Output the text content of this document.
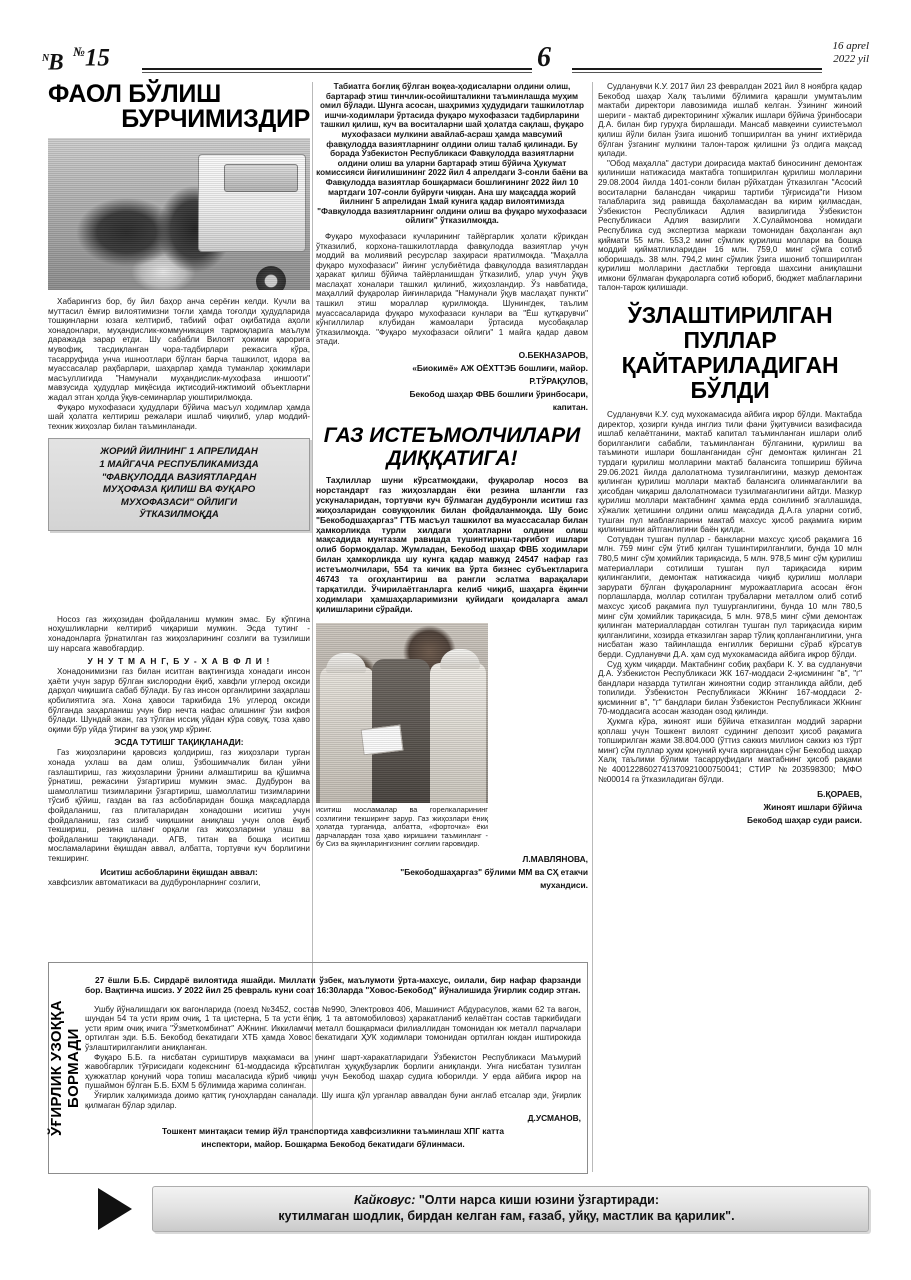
$^N$B №15	6	16 aprel
2022 yil
ФАОЛ БЎЛИШ
БУРЧИМИЗДИР

Хабарингиз бор, бу йил баҳор анча серёғин келди. Кучли ва муттасил ёмғир вилоятимизни тоғли ҳамда тоғолди ҳудудларида тошқинларни юзага келтириб, табиий офат оқибатида аҳоли хонадонлари, муҳандислик-коммуникация тармоқларига маълум даражада зарар етди. Шу сабабли Вилоят ҳокими қарорига мувофиқ, тасдиқланган чора-тадбирлари режасига кўра, тасарруфида унча ишноотлари бўлган барча ташкилот, идора ва муассасалар раҳбарлари, шаҳарлар ҳамда туманлар ҳокимлари масъуллигида "Намунали муҳандислик-мухофаза иншооти" мавзусида ҳудудлар миқёсида иқтисодий-ижтимоий объектларни жадал этган ҳолда ўқув-семинарлар уюштирилмоқда.

Фуқаро мухофазаси ҳудудлари бўйича масъул ходимлар ҳамда шай ҳолатга келтириш режалари ишлаб чиқилиб, улар моддий-техник жиҳозлар билан таъминланади.

ЖОРИЙ ЙИЛНИНГ 1 АПРЕЛИДАН

1 МАЙГАЧА РЕСПУБЛИКАМИЗДА

"ФАВҚУЛОДДА ВАЗИЯТЛАРДАН

МУҲОФАЗА ҚИЛИШ ВА ФУҚАРО

МУХОФАЗАСИ" ОЙЛИГИ

ЎТКАЗИЛМОҚДА

Носоз газ жиҳозидан фойдаланиш мумкин эмас. Бу кўпгина ноҳушликларни келтириб чиқариши мумкин. Эсда тутинг - хонадонларга ўрнатилган газ жиҳозларининг созлиги ва тузилиши шу нарсага жавобгардир.

У Н У Т М А Н Г, Б У - Х А В Ф Л И !

Хонадонимизни газ билан иситган вақтингизда хонадаги инсон ҳаёти учун зарур бўлган кислородни ёқиб, хавфли углерод оксиди дарҳол чиқишига сабаб бўлади. Бу газ инсон органлирини заҳарлаш қобилиятига эга. Хона ҳавоси таркибида 1% углерод оксиди бўлганда заҳарланиш учун бир нечта нафас олишнинг ўзи кифоя бўлади. Шундай экан, газ тўлган иссиқ уйдан кўра совуқ, тоза ҳаво оқими бўр уйда ўтиринг ва узоқ умр кўринг.

ЭСДА ТУТИШГ ТАҚИҚЛАНАДИ:

Газ жиҳозларини қаровсиз қолдириш, газ жиҳозлари турган хонада ухлаш ва дам олиш, ўзбошимчалик билан уйни газлаштириш, газ жиҳозларини ўрнини алмаштириш ва қўшимча ўрнатиш, режасини ўзгартириш мумкин эмас. Дудбурон ва шамоллатиш тизимларини ўзгартириш, шамоллатиш тизимларини тўсиб қўйиш, газдан ва газ асбобларидан бошқа мақсадларда фойдаланиш, газ плиталаридан хонадошни иситиш учун фойдаланиш, газ сизиб чиқишини аниқлаш учун олов ёқиб текшириш, резина шланг орқали газ жиҳозларини улаш ва фойдаланиш тақиқланади. АГВ, титан ва бошқа иситиш мосламаларини ёқишдан аввал, албатта, тортувчи куч борлигини текширинг.

Иситиш асбобларини ёқишдан аввал:

хавфсизлик автоматикаси ва дудбуронларнинг созлиги,

Табиатга боғлиқ бўлган воқеа-ҳодисаларни олдини олиш, бартараф этиш тинчлик-осойишталикни таъминлашда муҳим омил бўлади. Шунга асосан, шаҳримиз ҳудудидаги ташкилотлар ишчи-ходимлари ўртасида фуқаро мухофазаси тадбирларини ташкил қилиш, куч ва воситаларни шай ҳолатда сақлаш, фуқаро мухофазаси мулкини авайлаб-асраш ҳамда мавсумий фавқулодда вазиятларнинг олдини олиш талаб қилинади. Бу борада Ўзбекистон Республикаси Фавқулодда вазиятларни олдини олиш ва уларни бартараф этиш бўйича Ҳукумат комиссияси йиғилишининг 2022 йил 4 апрелдаги 3-сонли баёни ва Фавқулодда вазиятлар бошқармаси бошлиғининг 2022 йил 10 мартдаги 107-сонли буйруғи чиққан. Ана шу мақсадда жорий йилнинг 5 апрелидан 1май кунига қадар вилоятимизда "Фавқулодда вазиятларнинг олдини олиш ва фуқаро мухофазаси ойлиги" ўтказилмоқда.

Фуқаро мухофазаси кучларининг тайёргарлик ҳолати кўрикдан ўтказилиб, корхона-ташкилотларда фавқулодда вазиятлар учун моддий ва молиявий ресурслар заҳираси яратилмоқда. "Маҳалла фуқаро мухофазаси" йиғинг услубиётида фавқулодда вазиятлардан ҳаракат қилиш бўйича тайёрланишдан ўтказилиб, улар учун ўқув маслаҳат хоналари ташкил қилиниб, жиҳозландир. Ўз навбатида, маҳаллий фуқаролар йиғинларида "Намунали ўқув маслаҳат пункти" ташкил этиш мораллар қурилмоқда. Шунингдек, таълим муассасаларида фуқаро мухофазаси кунлари ва "Ёш қутқарувчи" кўнгиллилар клубидан жамоалари ўртасида мусобақалар ўтказилмоқда. "Фуқаро мухофазаси ойлиги" 1 майга қадар давом этади.

О.БЕКНАЗАРОВ,
«Биокимё» АЖ ОЁХТТЭБ бошлиғи, майор.
Р.ТЎРАҚУЛОВ,
Бекобод шаҳар ФВБ бошлиғи ўринбосари,
капитан.
ГАЗ ИСТЕЪМОЛЧИЛАРИ
ДИҚҚАТИГА!

Таҳлиллар шуни кўрсатмоқдаки, фуқаролар носоз ва норстандарт газ жиҳозлардан ёки резина шлангли газ ускуналаридан, тортувчи куч бўлмаган дудбуронли иситиш газ жиҳозларидан совуққонлик билан фойдаланмоқда. Шу боис "Бекободшаҳаргаз" ГТБ масъул ташкилот ва муассасалар билан ҳамкорликда турли хилдаги ҳолатларни олдини олиш мақсадида мунтазам равишда тушинтириш-тарғибот ишлари олиб бормоқдалар. Жумладан, Бекобод шаҳар ФВБ ходимлари билан ҳамкорликда шу кунга қадар мавжуд 24547 нафар газ истеъмолчилари, 554 та кичик ва ўрта бизнес субъектларига 46743 та огоҳлантириш ва рангли эслатма варақалари тарқатилди. Ўчирилаётганларга келиб чиқиб, шаҳарга ёқинчи ходимлари ҳамшаҳарларимизни қуйидаги қоидаларга амал қилишларини сўрайди.

иситиш мосламалар ва горелкаларининг созлигини текширинг зарур. Газ жиҳозлари ёниқ ҳолатда турганида, албатта, «форточка» ёки дарчалардан тоза ҳаво киришини таъминланг - бу Сиз ва яқинларингизнинг соғлиғи гаровидир.
Л.МАВЛЯНОВА,
"Бекободшаҳаргаз" бўлими ММ ва СҲ етакчи
мухандиси.

Судланувчи К.У. 2017 йил 23 февралдан 2021 йил 8 ноябрга қадар Бекобод шаҳар Халқ таълими бўлимига қарашли умумтаълим мактаби директори лавозимида ишлаб келган. Ўзининг жиноий шериги - мактаб директорининг хўжалик ишлари бўйича ўринбосари Д.А. билан бир гуруҳга бирлашади. Мансаб мавқеини суиистеъмол қилиш йўли билан ўзига ишониб топширилган ва унинг ихтиёрида бўлган ўзганинг мулкини талон-тарож қилишни ўз олдига мақсад қилади.

"Обод маҳалла" дастури доирасида мактаб биносининг демонтаж қилиниши натижасида мактабга топширилган қурилиш молларини 29.08.2004 йилда 1401-сонли билан рўйхатдан ўтказилган "Асосий воситаларни баланcдан чиқариш тартиби тўғрисида"ги Низом талабларига зид равишда баҳоламасдан ва кирим қилмасдан, Ўзбекистон Республикаси Адлия вазирлигида Ўзбекистон Республикаси Адлия вазирлиги Х.Сулаймонова номидаги Республика суд экспертиза маркази томонидан баҳоланган ақл қиймати 55 млн. 553,2 минг сўмлик қурилиш моллари ва бошқа моддий қийматликларидан 16 млн. 759,0 минг сўмга сотиб юборишадъ. 38 млн. 794,2 минг сўмлик ўзига ишониб топширилган қурилиш молларини дастлабки терговда шахсини аниқлашни имкони бўлмаган фуқароларга сотиб юбориб, бюджет маблағларини талон-тарож қилишади.

ЎЗЛАШТИРИЛГАН
ПУЛЛАР
ҚАЙТАРИЛАДИГАН
БЎЛДИ

Судланувчи К.У. суд мухокамасида айбига иқрор бўлди. Мактабда директор, ҳозирги кунда инглиз тили фани ўқитувчиси вазифасида ишлаб келаётганини, мактаб капитал таъминланган ишлари олиб борилганлиги сабабли, таъминланган бўлганини, қурилиш ва таъминоти ишлари бошланганидан сўнг демонтаж қилинган 21 турдаги қурилиш молларини мактаб балансига топшириш бўйича 29.06.2021 йилда далолатнома тузилганлигини, мазкур демонтаж қилинган қурилиш моллари мактаб балансига олинмаганлиги ва ҳисобдан чиқариш далолатномаси тузилмаганлигини айтди. Мазкур қурилиш моллари мактабнинг ҳамма ерда сонлиниб эгаллашида, хўжалик ҳетишини олдини олиш мақсадида Д.А.га уларни сотиб, тушган пул маблағларини мактаб махсус ҳисоб рақамига кирим қилинишини айтганлигини баён қилди.

Сотувдан тушган пуллар - банкларни махсус ҳисоб рақамига 16 млн. 759 минг сўм ўтиб қилган тушинтирилганлиги, бунда 10 млн 780,5 минг сўм ҳомийлик тариқасида, 5 млн. 978,5 минг сўм қурилиш материаллари сотилиши тушган пул тариқасида кирим қилинганлиги, демонтаж натижасида чиқиб қурилиш моллари зарурати бўлган фуқароларнинг мурожаатларига асосан ёғон порлашларда, моллар сотилган трубаларни металлом олиб сотиб махсус ҳисоб рақамига пул тушурганлигини, бунда 10 млн 780,5 минг сўм ҳомийлик тариқасида, 5 млн. 978,5 минг сўми демонтаж қилинган материаллардан сотилган тушган пул тариқасида кирим қилганлигини, хозирда етказилган зарар тўлиқ қопланганлигини, унга нисбатан жазо тайинлашда енгиллик беришни сўраб кўрсатув берди. Судланувчи Д.А. ҳам суд мухокамасида айбига иқрор бўлди.

Суд ҳукм чиқарди. Мактабнинг собиқ раҳбари К. У. ва судланувчи Д.А. Ўзбекистон Республикаси ЖК 167-моддаси 2-қисмининг "в", "г" бандлари назарда тутилган жиноятни содир этганликда айбли, деб топилиди. Ўзбекистон Республикаси ЖКнинг 167-моддаси 2-қисминниг в", "г" бандлари билан Ўзбекистон Республикаси ЖКнинг 70-моддасига асосан жазодан озод қилинди.

Ҳукмга кўра, жиноят иши бўйича етказилган моддий зарарни қоплаш учун Тошкент вилоят судининг депозит ҳисоб рақамига топширилган жами 38.804.000 (ўттиз саккиз миллион саккиз юз тўрт минг) сўм пуллар ҳукм қонуний кучга кирганидан сўнг Бекобод шаҳар Халқ таълими бўлими тасарруфидаги мактабнинг ҳисоб рақами №4001228602741370921000750041; СТИР №203598300; МФО №00014 га ўтказиладиган бўлди.

Б.ҚОРАЕВ,
Жиноят ишлари бўйича
Бекобод шаҳар суди раиси.
ЎҒИРЛИК УЗОҚҚА БОРМАДИ

27 ёшли Б.Б. Сирдарё вилоятида яшайди. Миллати ўзбек, маълумоти ўрта-махсус, оилали, бир нафар фарзанди бор. Вақтинча ишсиз. У 2022 йил 25 февраль куни соат 16:30ларда "Ховос-Бекобод" йўналишида ўғирлик содир этган.

Ушбу йўналишдаги юк вагонларида (поезд №3452, состав №990, Электровоз 406, Машинист Абдурасулов, жами 62 та вагон, шундан 54 та усти ярим очиқ, 1 та цистерна, 5 та усти ёпиқ. 1 та автомобиловоз) ҳаракатланиб келаётган состав таркибидаги усти ярим очиқ ичига "Ўзметкомбинат" АЖнинг. Иккиламчи металл бошқармаси филиаллидан томонидан юк металл парчалари ортилган эди. Б.Б. Бекобод бекатидаги ХТБ ҳамда Ховос бекатидаги ҲУК ходимлари томонидан ортилган юкдан иштирокида ўзлаштирилганлиги аниқланган.

Фуқаро Б.Б. га нисбатан суриштирув маҳкамаси ва унинг шарт-харакатларидаги Ўзбекистон Республикаси Маъмурий жавобгарлик тўғрисидаги кодекснинг 61-моддасида кўрсатилган ҳуқуқбузарлик борлиги аниқланди. Унга нисбатан тузилган ҳужжатлар қонуний чора топиш масаласида кўриб чиқиш учун Бекобод шаҳар судига юборилди. У ерда айбига иқрор на пушаймон бўлган Б.Б. БХМ 5 бўлимида жарима солинган.

Ўғирлик халқимизда доимо қаттиқ гуноҳлардан саналади. Шу ишга қўл урганлар аввалдан буни англаб етсалар эди, ўғирлик қилмаган бўлар эдилар.

Д.УСМАНОВ,
Тошкент минтақаси темир йўл транспортида хавфсизликни таъминлаш ХПГ катта
инспектори, майор. Бошқарма Бекобод бекатидаги бўлинмаси.
Кайковус: "Олти нарса киши юзини ўзгартиради:
кутилмаган шодлик, бирдан келган ғам, ғазаб, уйқу, мастлик ва қарилик".
